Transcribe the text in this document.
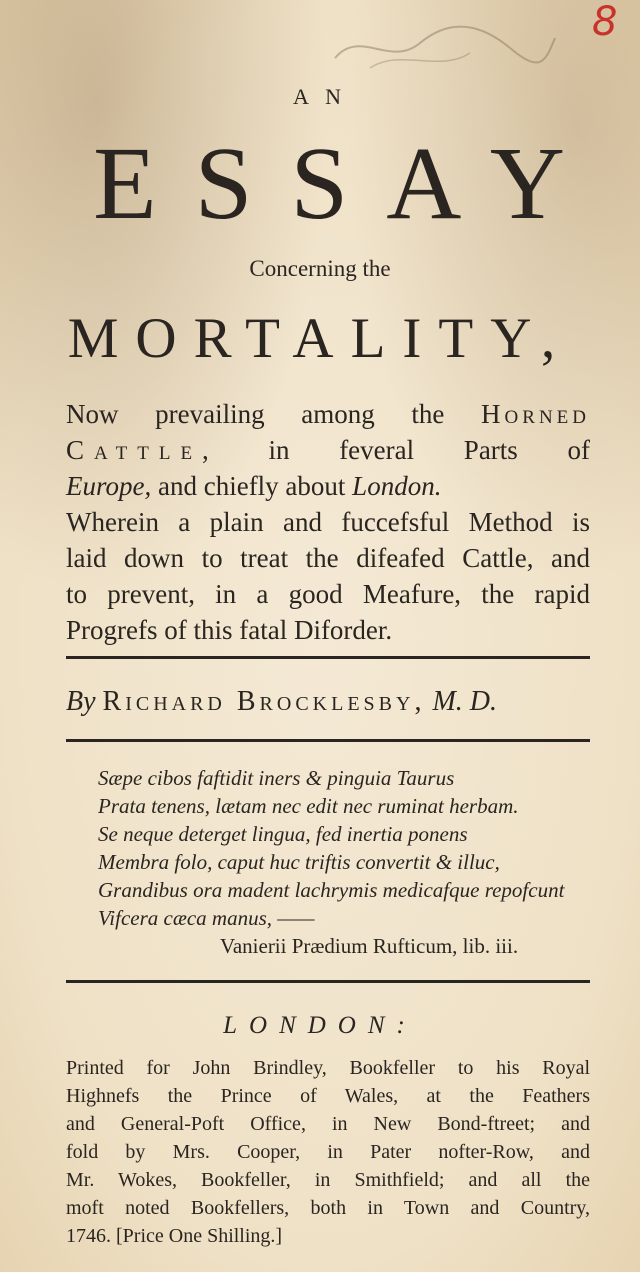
8
A N
ESSAY
Concerning the
MORTALITY,
Now prevailing among the Horned
Cattle, in feveral Parts of
Europe, and chiefly about London.
Wherein a plain and fuccefsful Method is
laid down to treat the difeafed Cattle, and
to prevent, in a good Meafure, the rapid
Progrefs of this fatal Diforder.
By Richard Brocklesby, M. D.
Sæpe cibos faftidit iners & pinguia Taurus
Prata tenens, lætam nec edit nec ruminat herbam.
Se neque deterget lingua, fed inertia ponens
Membra folo, caput huc triftis convertit & illuc,
Grandibus ora madent lachrymis medicafque repofcunt
Vifcera cæca manus, ——
Vanierii Prædium Rufticum, lib. iii.
LONDON:
Printed for John Brindley, Bookfeller to his Royal
Highnefs the Prince of Wales, at the Feathers
and General-Poft Office, in New Bond-ftreet; and
fold by Mrs. Cooper, in Pater nofter-Row, and
Mr. Wokes, Bookfeller, in Smithfield; and all the
moft noted Bookfellers, both in Town and Country,
1746. [Price One Shilling.]
